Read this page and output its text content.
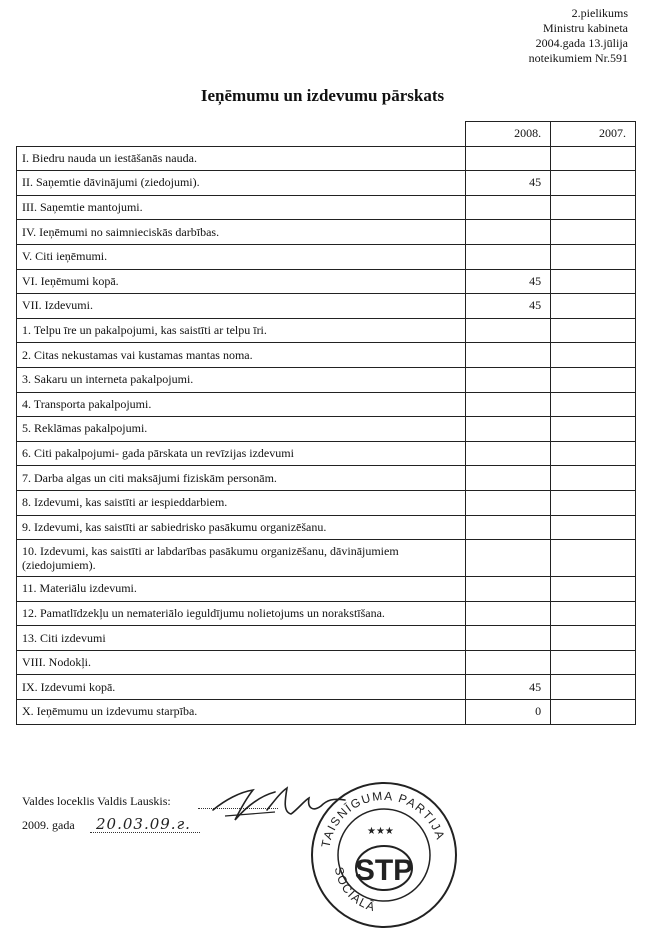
2.pielikums
Ministru kabineta
2004.gada 13.jūlija
noteikumiem Nr.591
Ieņēmumu un izdevumu pārskats
	2008.	2007.
I. Biedru nauda un iestāšanās nauda.		
II. Saņemtie dāvinājumi (ziedojumi).	45	
III. Saņemtie mantojumi.		
IV. Ieņēmumi no saimnieciskās darbības.		
V. Citi ieņēmumi.		
VI. Ieņēmumi kopā.	45	
VII. Izdevumi.	45	
1. Telpu īre un pakalpojumi, kas saistīti ar telpu īri.		
2. Citas nekustamas vai kustamas mantas noma.		
3. Sakaru un interneta pakalpojumi.		
4. Transporta pakalpojumi.		
5. Reklāmas pakalpojumi.		
6. Citi pakalpojumi- gada pārskata un revīzijas izdevumi		
7. Darba algas un citi maksājumi fiziskām personām.		
8. Izdevumi, kas saistīti ar iespieddarbiem.		
9. Izdevumi, kas saistīti ar sabiedrisko pasākumu organizēšanu.		
10. Izdevumi, kas saistīti ar labdarības pasākumu organizēšanu, dāvinājumiem (ziedojumiem).		
11. Materiālu izdevumi.		
12. Pamatlīdzekļu un nemateriālo ieguldījumu nolietojums un norakstīšana.		
13. Citi izdevumi		
VIII. Nodokļi.		
IX. Izdevumi kopā.	45	
X. Ieņēmumu un izdevumu starpība.	0	
Valdes loceklis Valdis Lauskis:
2009. gada 20.03.09.г.
TAISNĪGUMA PARTIJA
SOCIĀLĀ
★★★
STP
